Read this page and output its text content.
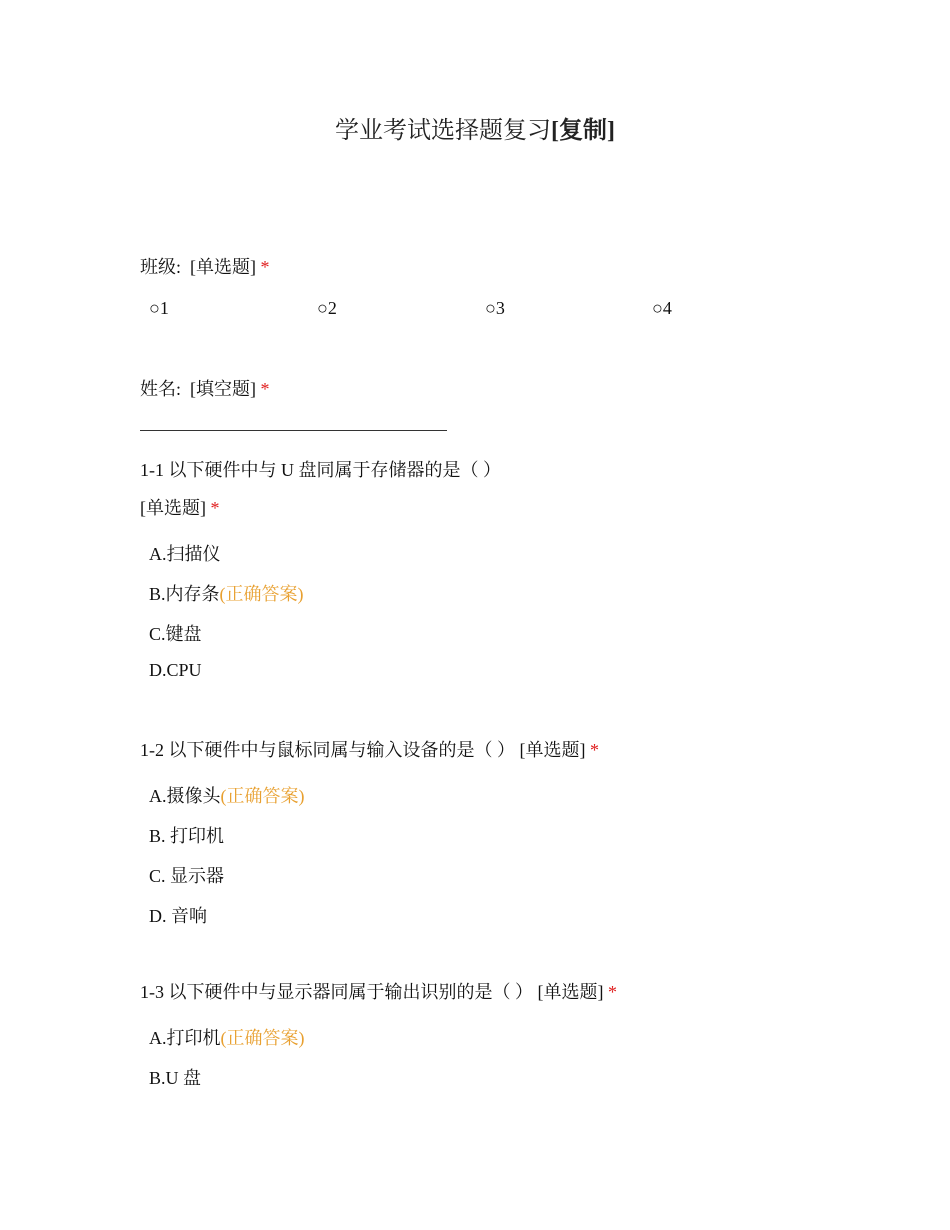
学业考试选择题复习[复制]
班级: [单选题] *
○1	○2	○3	○4
姓名: [填空题] *
1-1 以下硬件中与 U 盘同属于存储器的是（ ）
[单选题] *
A.扫描仪
B.内存条(正确答案)
C.键盘
D.CPU
1-2 以下硬件中与鼠标同属与输入设备的是（ ） [单选题] *
A.摄像头(正确答案)
B. 打印机
C. 显示器
D. 音响
1-3 以下硬件中与显示器同属于输出识别的是（ ） [单选题] *
A.打印机(正确答案)
B.U 盘
